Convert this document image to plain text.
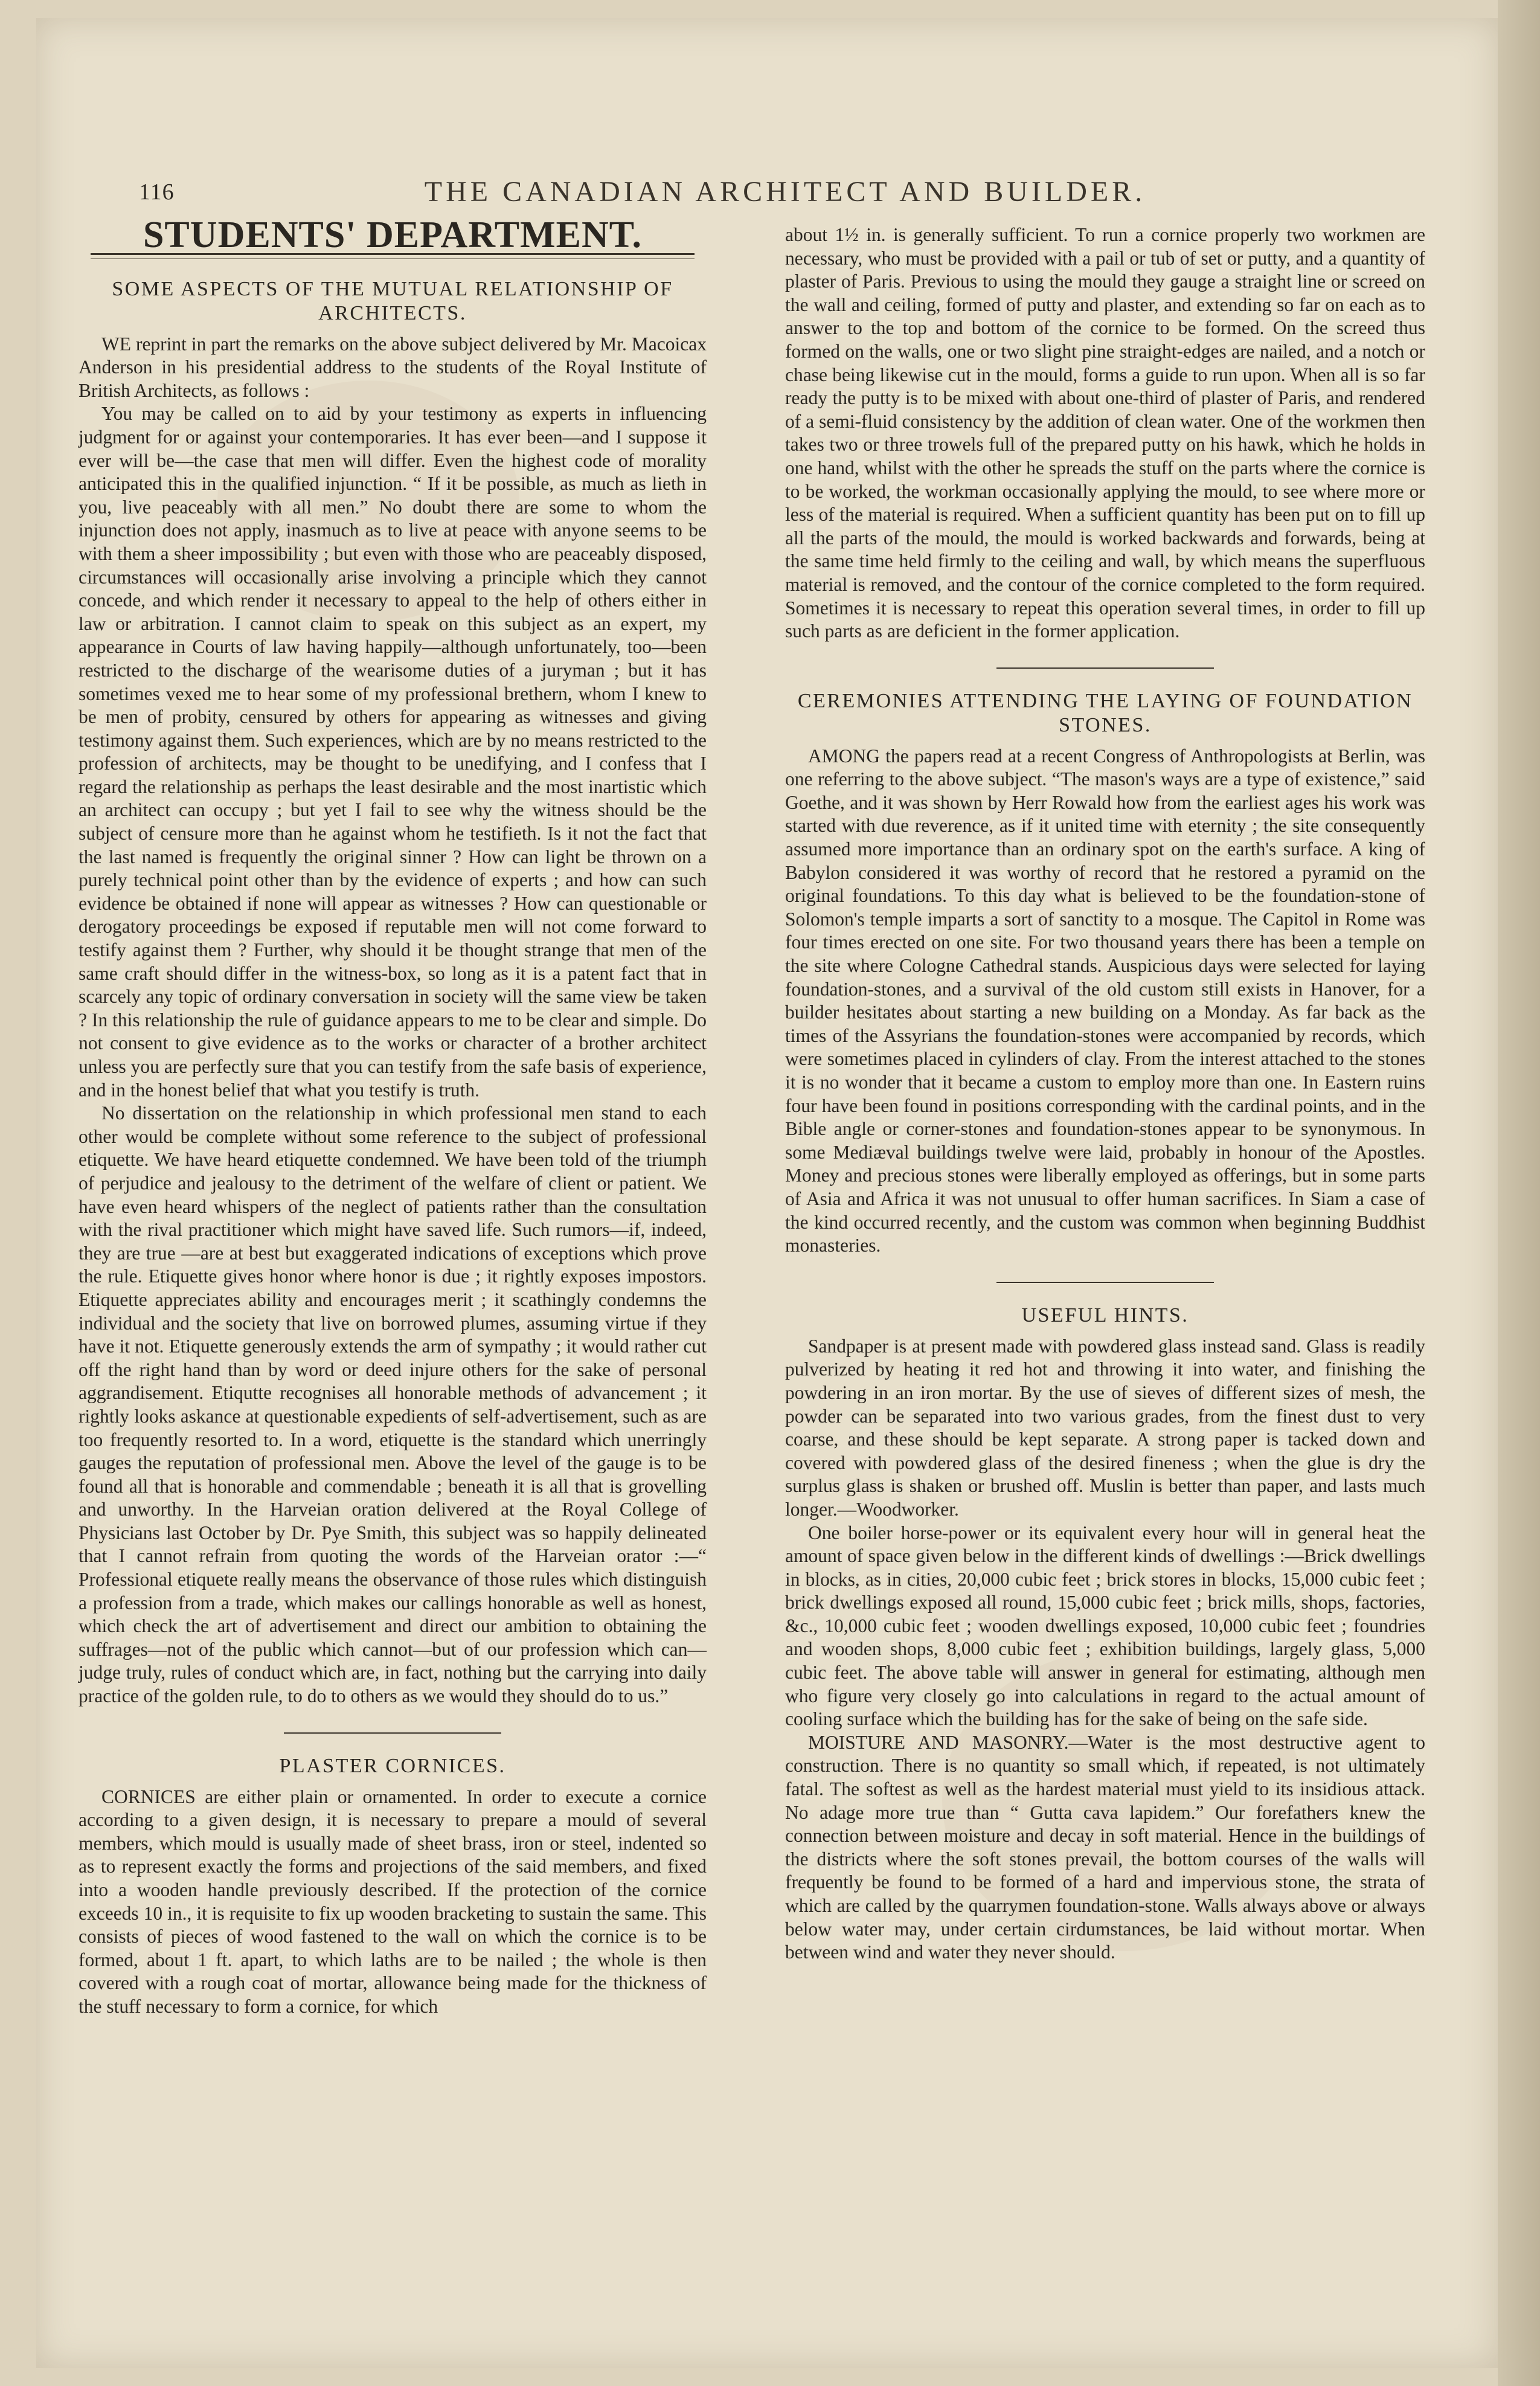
116	THE CANADIAN ARCHITECT AND BUILDER.
STUDENTS' DEPARTMENT.
SOME ASPECTS OF THE MUTUAL RELATIONSHIP OF ARCHITECTS.

WE reprint in part the remarks on the above subject delivered by Mr. Macoicax Anderson in his presidential address to the students of the Royal Institute of British Architects, as follows :

You may be called on to aid by your testimony as experts in influencing judgment for or against your contemporaries. It has ever been—and I suppose it ever will be—the case that men will differ. Even the highest code of morality anticipated this in the qualified injunction. “ If it be possible, as much as lieth in you, live peaceably with all men.” No doubt there are some to whom the injunction does not apply, inasmuch as to live at peace with anyone seems to be with them a sheer impossibility ; but even with those who are peaceably disposed, circumstances will occasionally arise involving a principle which they cannot concede, and which render it necessary to appeal to the help of others either in law or arbitration. I cannot claim to speak on this subject as an expert, my appearance in Courts of law having happily—although unfortunately, too—been restricted to the discharge of the wearisome duties of a juryman ; but it has sometimes vexed me to hear some of my professional brethern, whom I knew to be men of probity, censured by others for appearing as witnesses and giving testimony against them. Such experiences, which are by no means restricted to the profession of architects, may be thought to be unedifying, and I confess that I regard the relationship as perhaps the least desirable and the most inartistic which an architect can occupy ; but yet I fail to see why the witness should be the subject of censure more than he against whom he testifieth. Is it not the fact that the last named is frequently the original sinner ? How can light be thrown on a purely technical point other than by the evidence of experts ; and how can such evidence be obtained if none will appear as witnesses ? How can questionable or derogatory proceedings be exposed if reputable men will not come forward to testify against them ? Further, why should it be thought strange that men of the same craft should differ in the witness-box, so long as it is a patent fact that in scarcely any topic of ordinary conversation in society will the same view be taken ? In this relationship the rule of guidance appears to me to be clear and simple. Do not consent to give evidence as to the works or character of a brother architect unless you are perfectly sure that you can testify from the safe basis of experience, and in the honest belief that what you testify is truth.

No dissertation on the relationship in which professional men stand to each other would be complete without some reference to the subject of professional etiquette. We have heard etiquette condemned. We have been told of the triumph of perjudice and jealousy to the detriment of the welfare of client or patient. We have even heard whispers of the neglect of patients rather than the consultation with the rival practitioner which might have saved life. Such rumors—if, indeed, they are true —are at best but exaggerated indications of exceptions which prove the rule. Etiquette gives honor where honor is due ; it rightly exposes impostors. Etiquette appreciates ability and encourages merit ; it scathingly condemns the individual and the society that live on borrowed plumes, assuming virtue if they have it not. Etiquette generously extends the arm of sympathy ; it would rather cut off the right hand than by word or deed injure others for the sake of personal aggrandisement. Etiqutte recognises all honorable methods of advancement ; it rightly looks askance at questionable expedients of self-advertisement, such as are too frequently resorted to. In a word, etiquette is the standard which unerringly gauges the reputation of professional men. Above the level of the gauge is to be found all that is honorable and commendable ; beneath it is all that is grovelling and unworthy. In the Harveian oration delivered at the Royal College of Physicians last October by Dr. Pye Smith, this subject was so happily delineated that I cannot refrain from quoting the words of the Harveian orator :—“ Professional etiquete really means the observance of those rules which distinguish a profession from a trade, which makes our callings honorable as well as honest, which check the art of advertisement and direct our ambition to obtaining the suffrages—not of the public which cannot—but of our profession which can—judge truly, rules of conduct which are, in fact, nothing but the carrying into daily practice of the golden rule, to do to others as we would they should do to us.”

PLASTER CORNICES.

CORNICES are either plain or ornamented. In order to execute a cornice according to a given design, it is necessary to prepare a mould of several members, which mould is usually made of sheet brass, iron or steel, indented so as to represent exactly the forms and projections of the said members, and fixed into a wooden handle previously described. If the protection of the cornice exceeds 10 in., it is requisite to fix up wooden bracketing to sustain the same. This consists of pieces of wood fastened to the wall on which the cornice is to be formed, about 1 ft. apart, to which laths are to be nailed ; the whole is then covered with a rough coat of mortar, allowance being made for the thickness of the stuff necessary to form a cornice, for which

about 1½ in. is generally sufficient. To run a cornice properly two workmen are necessary, who must be provided with a pail or tub of set or putty, and a quantity of plaster of Paris. Previous to using the mould they gauge a straight line or screed on the wall and ceiling, formed of putty and plaster, and extending so far on each as to answer to the top and bottom of the cornice to be formed. On the screed thus formed on the walls, one or two slight pine straight-edges are nailed, and a notch or chase being likewise cut in the mould, forms a guide to run upon. When all is so far ready the putty is to be mixed with about one-third of plaster of Paris, and rendered of a semi-fluid consistency by the addition of clean water. One of the workmen then takes two or three trowels full of the prepared putty on his hawk, which he holds in one hand, whilst with the other he spreads the stuff on the parts where the cornice is to be worked, the workman occasionally applying the mould, to see where more or less of the material is required. When a sufficient quantity has been put on to fill up all the parts of the mould, the mould is worked backwards and forwards, being at the same time held firmly to the ceiling and wall, by which means the superfluous material is removed, and the contour of the cornice completed to the form required. Sometimes it is necessary to repeat this operation several times, in order to fill up such parts as are deficient in the former application.

CEREMONIES ATTENDING THE LAYING OF FOUNDATION STONES.

AMONG the papers read at a recent Congress of Anthropologists at Berlin, was one referring to the above subject. “The mason's ways are a type of existence,” said Goethe, and it was shown by Herr Rowald how from the earliest ages his work was started with due reverence, as if it united time with eternity ; the site consequently assumed more importance than an ordinary spot on the earth's surface. A king of Babylon considered it was worthy of record that he restored a pyramid on the original foundations. To this day what is believed to be the foundation-stone of Solomon's temple imparts a sort of sanctity to a mosque. The Capitol in Rome was four times erected on one site. For two thousand years there has been a temple on the site where Cologne Cathedral stands. Auspicious days were selected for laying foundation-stones, and a survival of the old custom still exists in Hanover, for a builder hesitates about starting a new building on a Monday. As far back as the times of the Assyrians the foundation-stones were accompanied by records, which were sometimes placed in cylinders of clay. From the interest attached to the stones it is no wonder that it became a custom to employ more than one. In Eastern ruins four have been found in positions corresponding with the cardinal points, and in the Bible angle or corner-stones and foundation-stones appear to be synonymous. In some Mediæval buildings twelve were laid, probably in honour of the Apostles. Money and precious stones were liberally employed as offerings, but in some parts of Asia and Africa it was not unusual to offer human sacrifices. In Siam a case of the kind occurred recently, and the custom was common when beginning Buddhist monasteries.

USEFUL HINTS.

Sandpaper is at present made with powdered glass instead sand. Glass is readily pulverized by heating it red hot and throwing it into water, and finishing the powdering in an iron mortar. By the use of sieves of different sizes of mesh, the powder can be separated into two various grades, from the finest dust to very coarse, and these should be kept separate. A strong paper is tacked down and covered with powdered glass of the desired fineness ; when the glue is dry the surplus glass is shaken or brushed off. Muslin is better than paper, and lasts much longer.—Woodworker.

One boiler horse-power or its equivalent every hour will in general heat the amount of space given below in the different kinds of dwellings :—Brick dwellings in blocks, as in cities, 20,000 cubic feet ; brick stores in blocks, 15,000 cubic feet ; brick dwellings exposed all round, 15,000 cubic feet ; brick mills, shops, factories, &c., 10,000 cubic feet ; wooden dwellings exposed, 10,000 cubic feet ; foundries and wooden shops, 8,000 cubic feet ; exhibition buildings, largely glass, 5,000 cubic feet. The above table will answer in general for estimating, although men who figure very closely go into calculations in regard to the actual amount of cooling surface which the building has for the sake of being on the safe side.

MOISTURE AND MASONRY.—Water is the most destructive agent to construction. There is no quantity so small which, if repeated, is not ultimately fatal. The softest as well as the hardest material must yield to its insidious attack. No adage more true than “ Gutta cava lapidem.” Our forefathers knew the connection between moisture and decay in soft material. Hence in the buildings of the districts where the soft stones prevail, the bottom courses of the walls will frequently be found to be formed of a hard and impervious stone, the strata of which are called by the quarrymen foundation-stone. Walls always above or always below water may, under certain cirdumstances, be laid without mortar. When between wind and water they never should.
